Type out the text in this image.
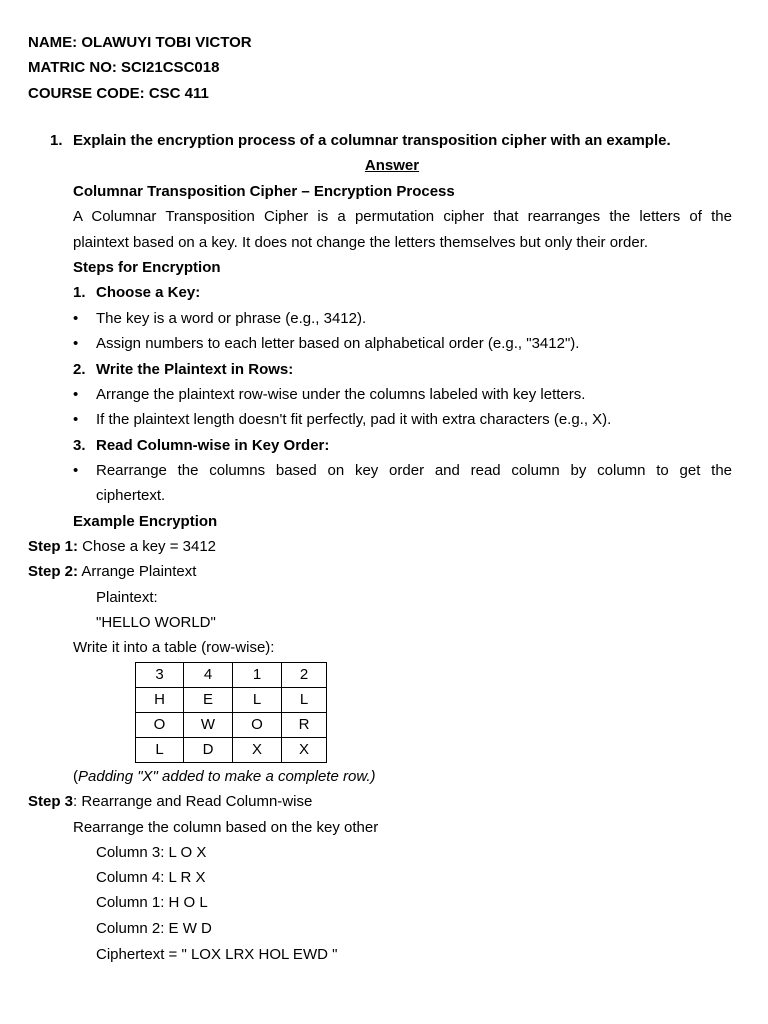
NAME: OLAWUYI TOBI VICTOR
MATRIC NO: SCI21CSC018
COURSE CODE: CSC 411
1. Explain the encryption process of a columnar transposition cipher with an example.
Answer
Columnar Transposition Cipher – Encryption Process
A Columnar Transposition Cipher is a permutation cipher that rearranges the letters of the
plaintext based on a key. It does not change the letters themselves but only their order.
Steps for Encryption
1. Choose a Key:
• The key is a word or phrase (e.g., 3412).
• Assign numbers to each letter based on alphabetical order (e.g., "3412").
2. Write the Plaintext in Rows:
• Arrange the plaintext row-wise under the columns labeled with key letters.
• If the plaintext length doesn't fit perfectly, pad it with extra characters (e.g., X).
3. Read Column-wise in Key Order:
• Rearrange the columns based on key order and read column by column to get the
ciphertext.
Example Encryption
Step 1: Chose a key = 3412
Step 2: Arrange Plaintext
Plaintext:
"HELLO WORLD"
Write it into a table (row-wise):
3	4	1	2
H	E	L	L
O	W	O	R
L	D	X	X
(Padding "X" added to make a complete row.)
Step 3: Rearrange and Read Column-wise
Rearrange the column based on the key other
Column 3: L O X
Column 4: L R X
Column 1: H O L
Column 2: E W D
Ciphertext = " LOX LRX HOL EWD "
